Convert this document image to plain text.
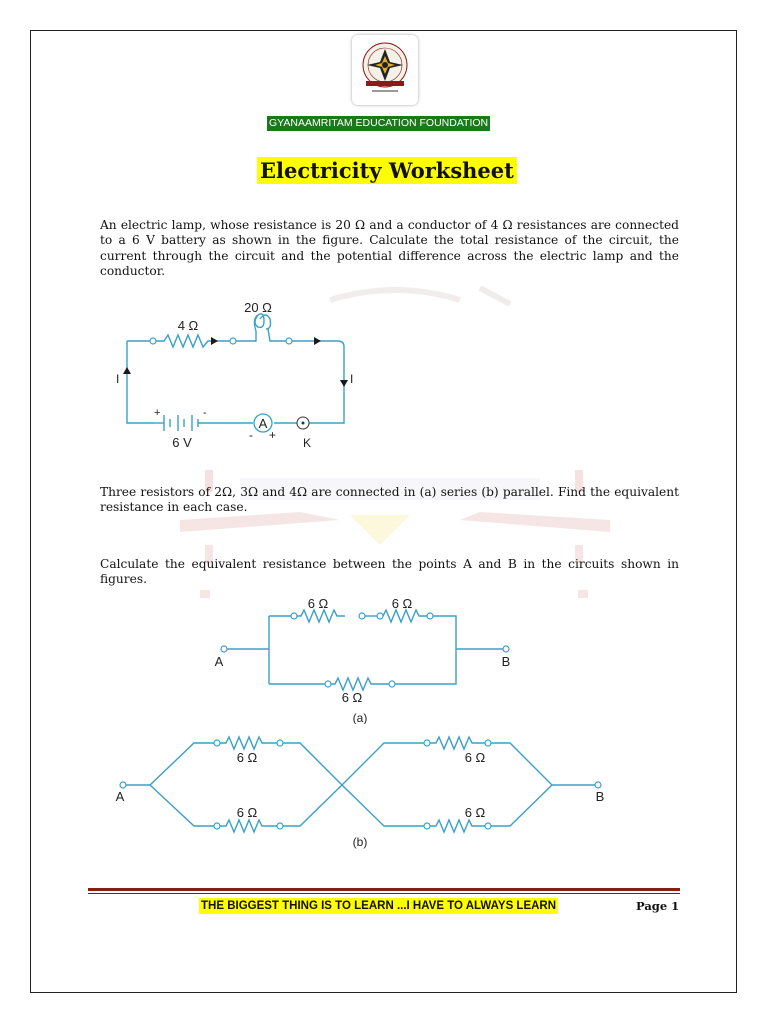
GYANAAMRITAM EDUCATION FOUNDATION
Electricity Worksheet

An electric lamp, whose resistance is 20 Ω and a conductor of 4 Ω resistances are connected to a 6 V battery as shown in the figure. Calculate the total resistance of the circuit, the current through the circuit and the potential difference across the electric lamp and the conductor.

20 Ω
4 Ω
I	I
+	-
6 V
A
- +
K

Three resistors of 2Ω, 3Ω and 4Ω are connected in (a) series (b) parallel. Find the equivalent resistance in each case.

Calculate the equivalent resistance between the points A and B in the circuits shown in figures.

6 Ω	6 Ω
6 Ω
A	B
(a)
6 Ω
6 Ω
6 Ω
6 Ω
A	B
(b)
THE BIGGEST THING IS TO LEARN ...I HAVE TO ALWAYS LEARN	Page 1
